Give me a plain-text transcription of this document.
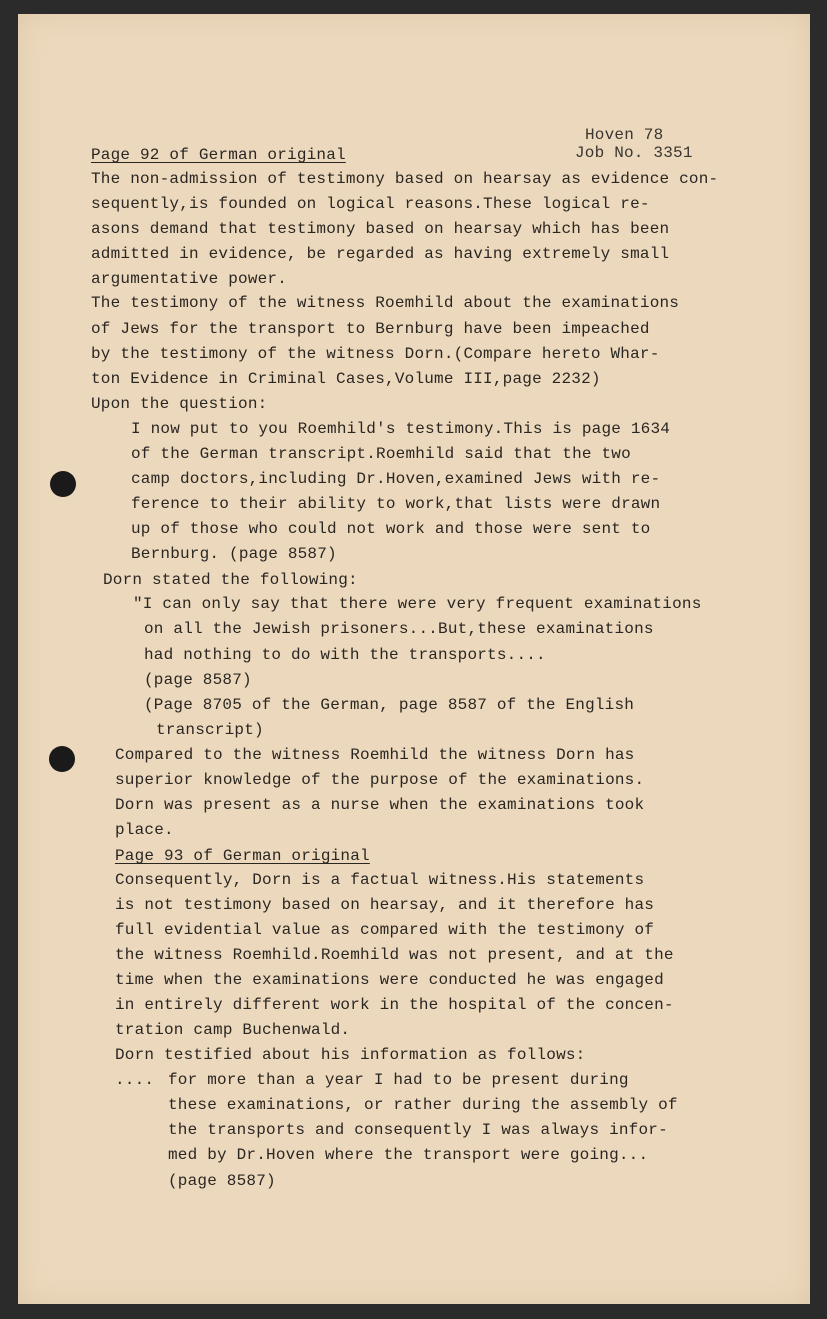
Hoven 78
Job No. 3351
Page 92 of German original
The non-admission of testimony based on hearsay as evidence con-
sequently,is founded on logical reasons.These logical re-
asons demand that testimony based on hearsay which has been
admitted in evidence, be regarded as having extremely small
argumentative power.
The testimony of the witness Roemhild about the examinations
of Jews for the transport to Bernburg have been impeached
by the testimony of the witness Dorn.(Compare hereto Whar-
ton Evidence in Criminal Cases,Volume III,page 2232)
Upon the question:
I now put to you Roemhild's testimony.This is page 1634
of the German transcript.Roemhild said that the two
camp doctors,including Dr.Hoven,examined Jews with re-
ference to their ability to work,that lists were drawn
up of those who could not work and those were sent to
Bernburg. (page 8587)
Dorn stated the following:
"I can only say that there were very frequent examinations
on all the Jewish prisoners...But,these examinations
had nothing to do with the transports....
(page 8587)
(Page 8705 of the German, page 8587 of the English
transcript)
Compared to the witness Roemhild the witness Dorn has
superior knowledge of the purpose of the examinations.
Dorn was present as a nurse when the examinations took
place.
Page 93 of German original
Consequently, Dorn is a factual witness.His statements
is not testimony based on hearsay, and it therefore has
full evidential value as compared with the testimony of
the witness Roemhild.Roemhild was not present, and at the
time when the examinations were conducted he was engaged
in entirely different work in the hospital of the concen-
tration camp Buchenwald.
Dorn testified about his information as follows:
.... for more than a year I had to be present during
these examinations, or rather during the assembly of
the transports and consequently I was always infor-
med by Dr.Hoven where the transport were going...
(page 8587)
